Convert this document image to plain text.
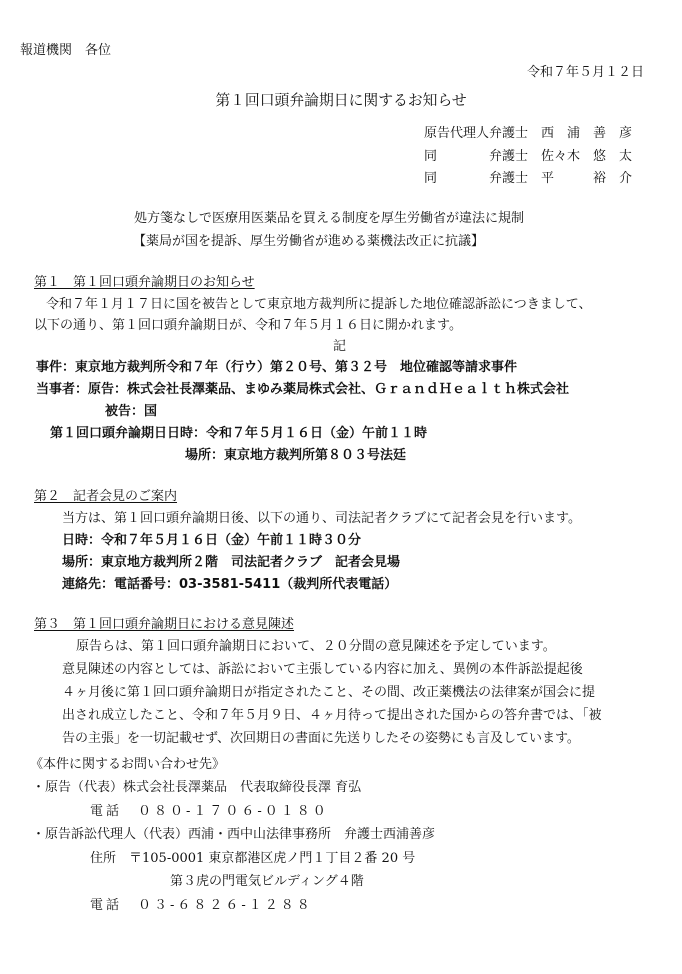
報道機関　各位
令和７年５月１２日
第１回口頭弁論期日に関するお知らせ
原告代理人弁護士　西　浦　善　彦
同　　　　弁護士　佐々木　悠　太
同　　　　弁護士　平　　　裕　介
処方箋なしで医療用医薬品を買える制度を厚生労働省が違法に規制
【薬局が国を提訴、厚生労働省が進める薬機法改正に抗議】
第１　第１回口頭弁論期日のお知らせ
令和７年１月１７日に国を被告として東京地方裁判所に提訴した地位確認訴訟につきまして、
以下の通り、第１回口頭弁論期日が、令和７年５月１６日に開かれます。
記
事件：東京地方裁判所令和７年（行ウ）第２０号、第３２号　地位確認等請求事件
当事者：原告：株式会社長澤薬品、まゆみ薬局株式会社、ＧｒａｎｄＨｅａｌｔｈ株式会社
被告：国
第１回口頭弁論期日日時：令和７年５月１６日（金）午前１１時
場所：東京地方裁判所第８０３号法廷
第２　記者会見のご案内
当方は、第１回口頭弁論期日後、以下の通り、司法記者クラブにて記者会見を行います。
日時：令和７年５月１６日（金）午前１１時３０分
場所：東京地方裁判所２階　司法記者クラブ　記者会見場
連絡先：電話番号：03-3581-5411（裁判所代表電話）
第３　第１回口頭弁論期日における意見陳述
原告らは、第１回口頭弁論期日において、２０分間の意見陳述を予定しています。
意見陳述の内容としては、訴訟において主張している内容に加え、異例の本件訴訟提起後
４ヶ月後に第１回口頭弁論期日が指定されたこと、その間、改正薬機法の法律案が国会に提
出され成立したこと、令和７年５月９日、４ヶ月待って提出された国からの答弁書では、「被
告の主張」を一切記載せず、次回期日の書面に先送りしたその姿勢にも言及しています。
《本件に関するお問い合わせ先》
・原告（代表）株式会社長澤薬品　代表取締役長澤 育弘
電話　０８０-１７０６-０１８０
・原告訴訟代理人（代表）西浦・西中山法律事務所　弁護士西浦善彦
住所　〒105-0001 東京都港区虎ノ門１丁目２番 20 号
第３虎の門電気ビルディング４階
電話　０３-６８２６-１２８８
